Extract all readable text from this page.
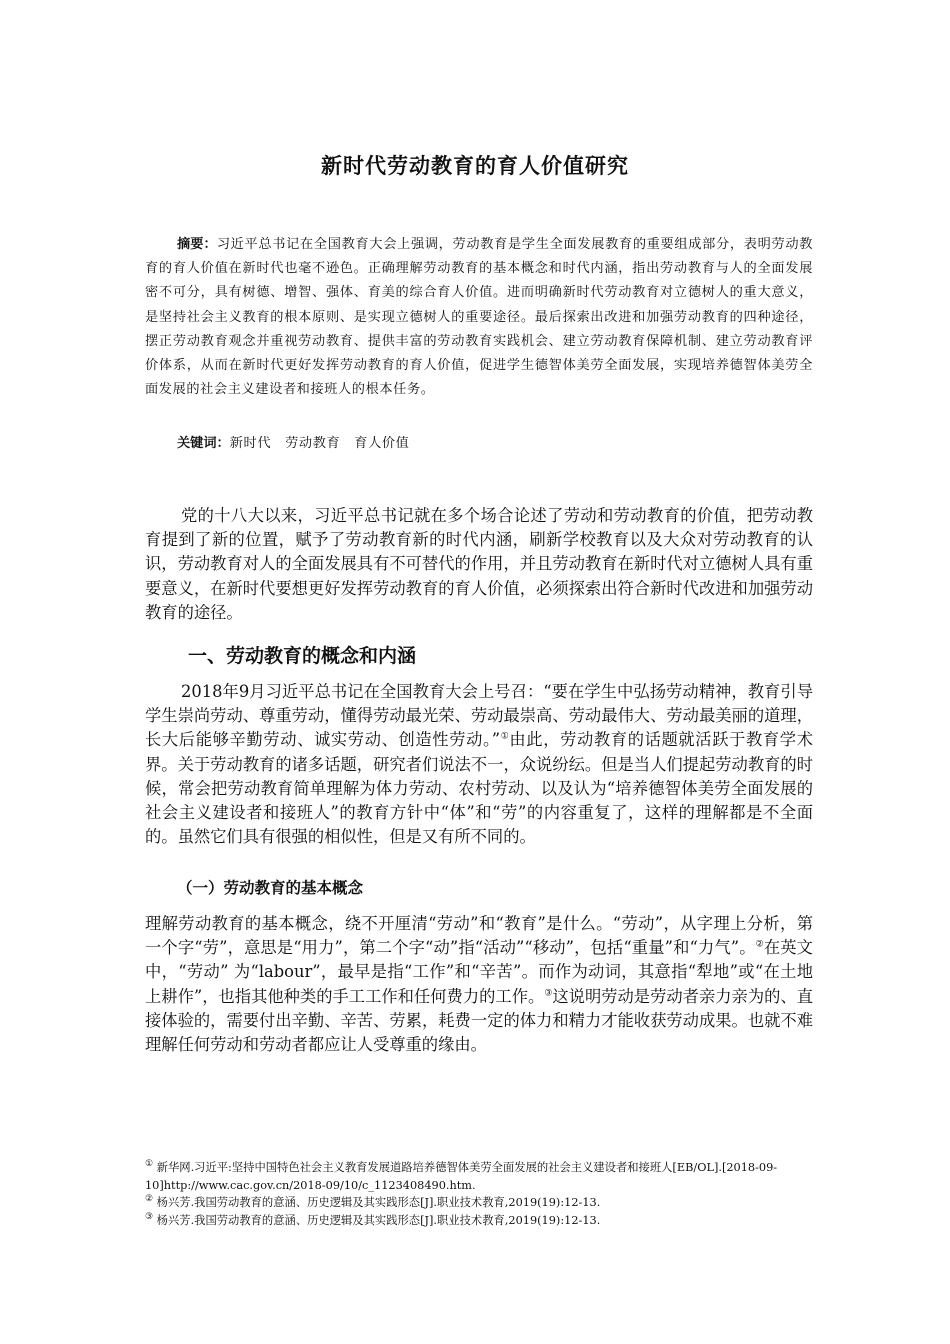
新时代劳动教育的育人价值研究
摘要：习近平总书记在全国教育大会上强调，劳动教育是学生全面发展教育的重要组成部分，表明劳动教育的育人价值在新时代也毫不逊色。正确理解劳动教育的基本概念和时代内涵，指出劳动教育与人的全面发展密不可分，具有树德、增智、强体、育美的综合育人价值。进而明确新时代劳动教育对立德树人的重大意义，是坚持社会主义教育的根本原则、是实现立德树人的重要途径。最后探索出改进和加强劳动教育的四种途径，摆正劳动教育观念并重视劳动教育、提供丰富的劳动教育实践机会、建立劳动教育保障机制、建立劳动教育评价体系，从而在新时代更好发挥劳动教育的育人价值，促进学生德智体美劳全面发展，实现培养德智体美劳全面发展的社会主义建设者和接班人的根本任务。
关键词：新时代 劳动教育 育人价值
党的十八大以来，习近平总书记就在多个场合论述了劳动和劳动教育的价值，把劳动教育提到了新的位置，赋予了劳动教育新的时代内涵，刷新学校教育以及大众对劳动教育的认识，劳动教育对人的全面发展具有不可替代的作用，并且劳动教育在新时代对立德树人具有重要意义，在新时代要想更好发挥劳动教育的育人价值，必须探索出符合新时代改进和加强劳动教育的途径。
一、劳动教育的概念和内涵
2018年9月习近平总书记在全国教育大会上号召：“要在学生中弘扬劳动精神，教育引导学生崇尚劳动、尊重劳动，懂得劳动最光荣、劳动最崇高、劳动最伟大、劳动最美丽的道理，长大后能够辛勤劳动、诚实劳动、创造性劳动。”①由此，劳动教育的话题就活跃于教育学术界。关于劳动教育的诸多话题，研究者们说法不一，众说纷纭。但是当人们提起劳动教育的时候，常会把劳动教育简单理解为体力劳动、农村劳动、以及认为“培养德智体美劳全面发展的社会主义建设者和接班人”的教育方针中“体”和“劳”的内容重复了，这样的理解都是不全面的。虽然它们具有很强的相似性，但是又有所不同的。
（一）劳动教育的基本概念
理解劳动教育的基本概念，绕不开厘清“劳动”和“教育”是什么。“劳动”，从字理上分析，第一个字“劳”，意思是“用力”，第二个字“动”指“活动”“移动”，包括“重量”和“力气”。②在英文中，“劳动” 为“labour”，最早是指“工作”和“辛苦”。而作为动词，其意指“犁地”或“在土地上耕作”，也指其他种类的手工工作和任何费力的工作。③这说明劳动是劳动者亲力亲为的、直接体验的，需要付出辛勤、辛苦、劳累，耗费一定的体力和精力才能收获劳动成果。也就不难理解任何劳动和劳动者都应让人受尊重的缘由。

① 新华网.习近平:坚持中国特色社会主义教育发展道路培养德智体美劳全面发展的社会主义建设者和接班人[EB/OL].[2018-09-10]http://www.cac.gov.cn/2018-09/10/c_1123408490.htm.

② 杨兴芳.我国劳动教育的意涵、历史逻辑及其实践形态[J].职业技术教育,2019(19):12-13.

③ 杨兴芳.我国劳动教育的意涵、历史逻辑及其实践形态[J].职业技术教育,2019(19):12-13.
